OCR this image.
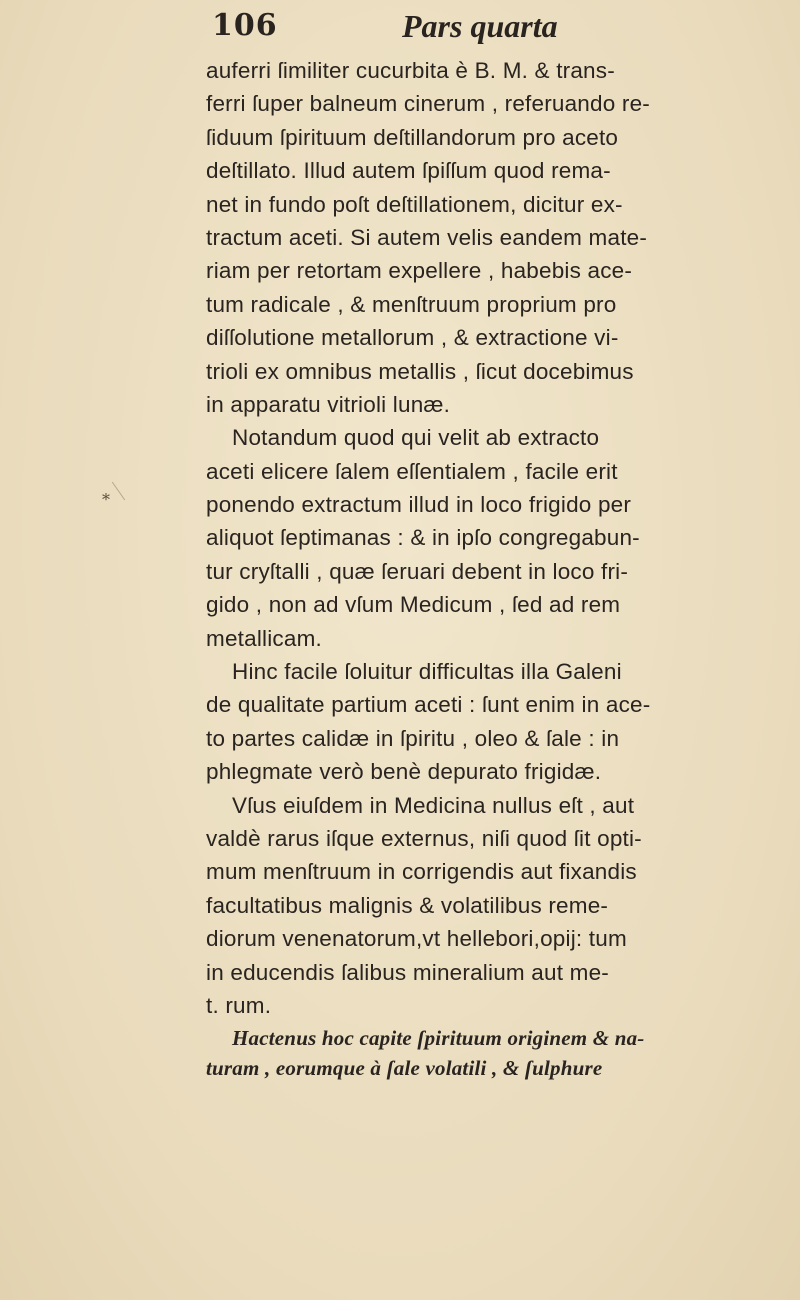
106	Pars quarta
*
auferri ſimiliter cucurbita è B. M. & trans-
ferri ſuper balneum cinerum , referuando re-
ſiduum ſpirituum deſtillandorum pro aceto
deſtillato. Illud autem ſpiſſum quod rema-
net in fundo poſt deſtillationem, dicitur ex-
tractum aceti. Si autem velis eandem mate-
riam per retortam expellere , habebis ace-
tum radicale , & menſtruum proprium pro
diſſolutione metallorum , & extractione vi-
trioli ex omnibus metallis , ſicut docebimus
in apparatu vitrioli lunæ.
Notandum quod qui velit ab extracto
aceti elicere ſalem eſſentialem , facile erit
ponendo extractum illud in loco frigido per
aliquot ſeptimanas : & in ipſo congregabun-
tur cryſtalli , quæ ſeruari debent in loco fri-
gido , non ad vſum Medicum , ſed ad rem
metallicam.
Hinc facile ſoluitur difficultas illa Galeni
de qualitate partium aceti : ſunt enim in ace-
to partes calidæ in ſpiritu , oleo & ſale : in
phlegmate verò benè depurato frigidæ.
Vſus eiuſdem in Medicina nullus eſt , aut
valdè rarus iſque externus, niſi quod ſit opti-
mum menſtruum in corrigendis aut fixandis
facultatibus malignis & volatilibus reme-
diorum venenatorum,vt hellebori,opij: tum
in educendis ſalibus mineralium aut me-
t. rum.
Hactenus hoc capite ſpirituum originem & na-
turam , eorumque à ſale volatili , & ſulphure
